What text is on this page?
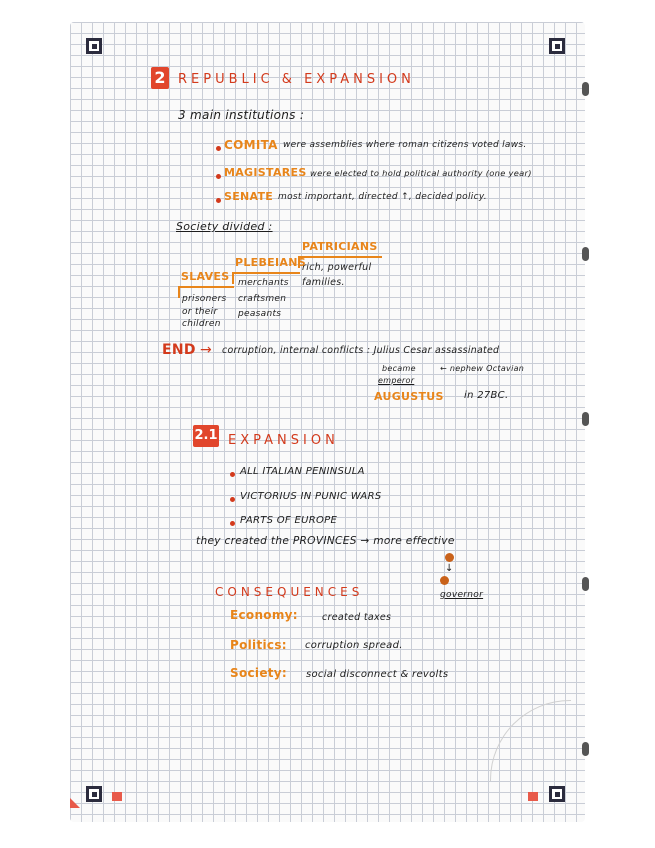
2 REPUBLIC & EXPANSION
3 main institutions :
COMITA were assemblies where roman citizens voted laws.
MAGISTARES were elected to hold political authority (one year)
SENATE most important, directed ↑, decided policy.
Society divided :
PATRICIANS
rich, powerful
families.
PLEBEIANS
merchants
craftsmen
peasants
SLAVES
prisoners
or their
children
END → corruption, internal conflicts : Julius Cesar assassinated
became
emperor
← nephew Octavian
AUGUSTUS in 27BC.
2.1 EXPANSION
ALL ITALIAN PENINSULA
VICTORIUS IN PUNIC WARS
PARTS OF EUROPE
they created the PROVINCES → more effective
↓
governor
CONSEQUENCES
Economy:	created taxes
Politics: corruption spread.
Society: social disconnect & revolts
